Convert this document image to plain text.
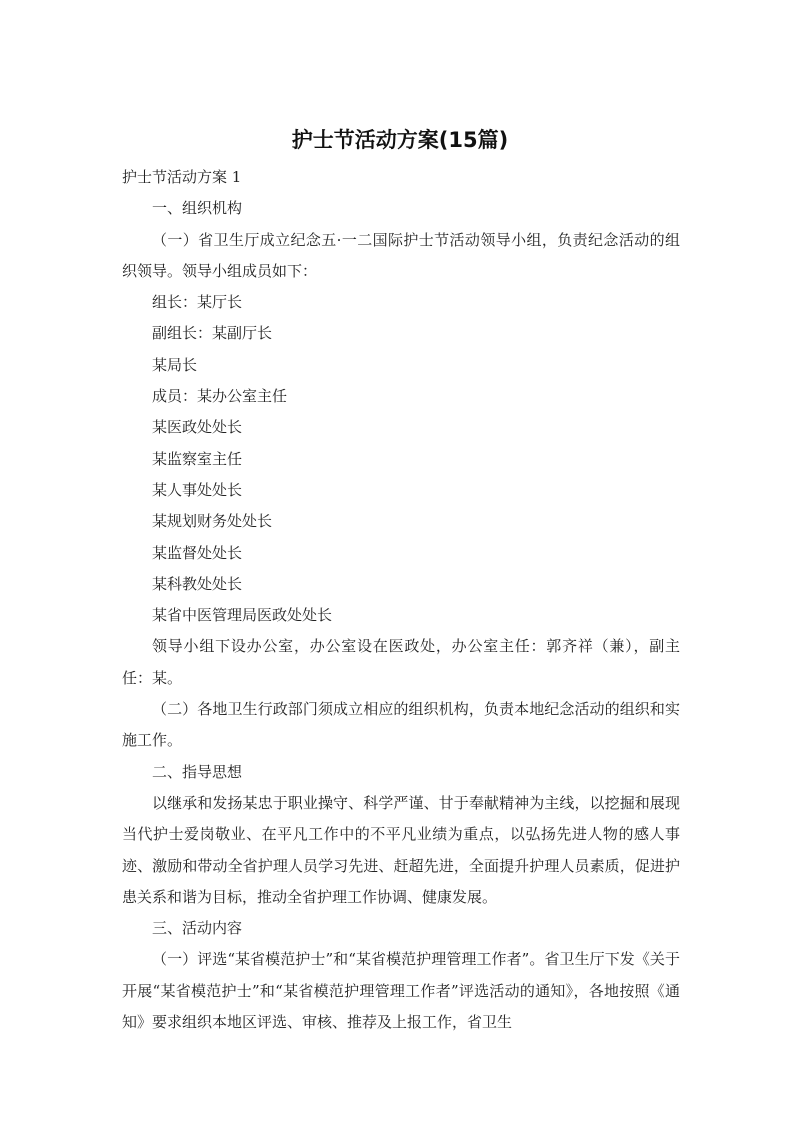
护士节活动方案(15篇)

护士节活动方案 1

一、组织机构

（一）省卫生厅成立纪念五·一二国际护士节活动领导小组，负责纪念活动的组织领导。领导小组成员如下：

组长：某厅长

副组长：某副厅长

某局长

成员：某办公室主任

某医政处处长

某监察室主任

某人事处处长

某规划财务处处长

某监督处处长

某科教处处长

某省中医管理局医政处处长

领导小组下设办公室，办公室设在医政处，办公室主任：郭齐祥（兼），副主任：某。

（二）各地卫生行政部门须成立相应的组织机构，负责本地纪念活动的组织和实施工作。

二、指导思想

以继承和发扬某忠于职业操守、科学严谨、甘于奉献精神为主线，以挖掘和展现当代护士爱岗敬业、在平凡工作中的不平凡业绩为重点，以弘扬先进人物的感人事迹、激励和带动全省护理人员学习先进、赶超先进，全面提升护理人员素质，促进护患关系和谐为目标，推动全省护理工作协调、健康发展。

三、活动内容

（一）评选“某省模范护士”和“某省模范护理管理工作者”。省卫生厅下发《关于开展“某省模范护士”和“某省模范护理管理工作者”评选活动的通知》，各地按照《通知》要求组织本地区评选、审核、推荐及上报工作，省卫生
